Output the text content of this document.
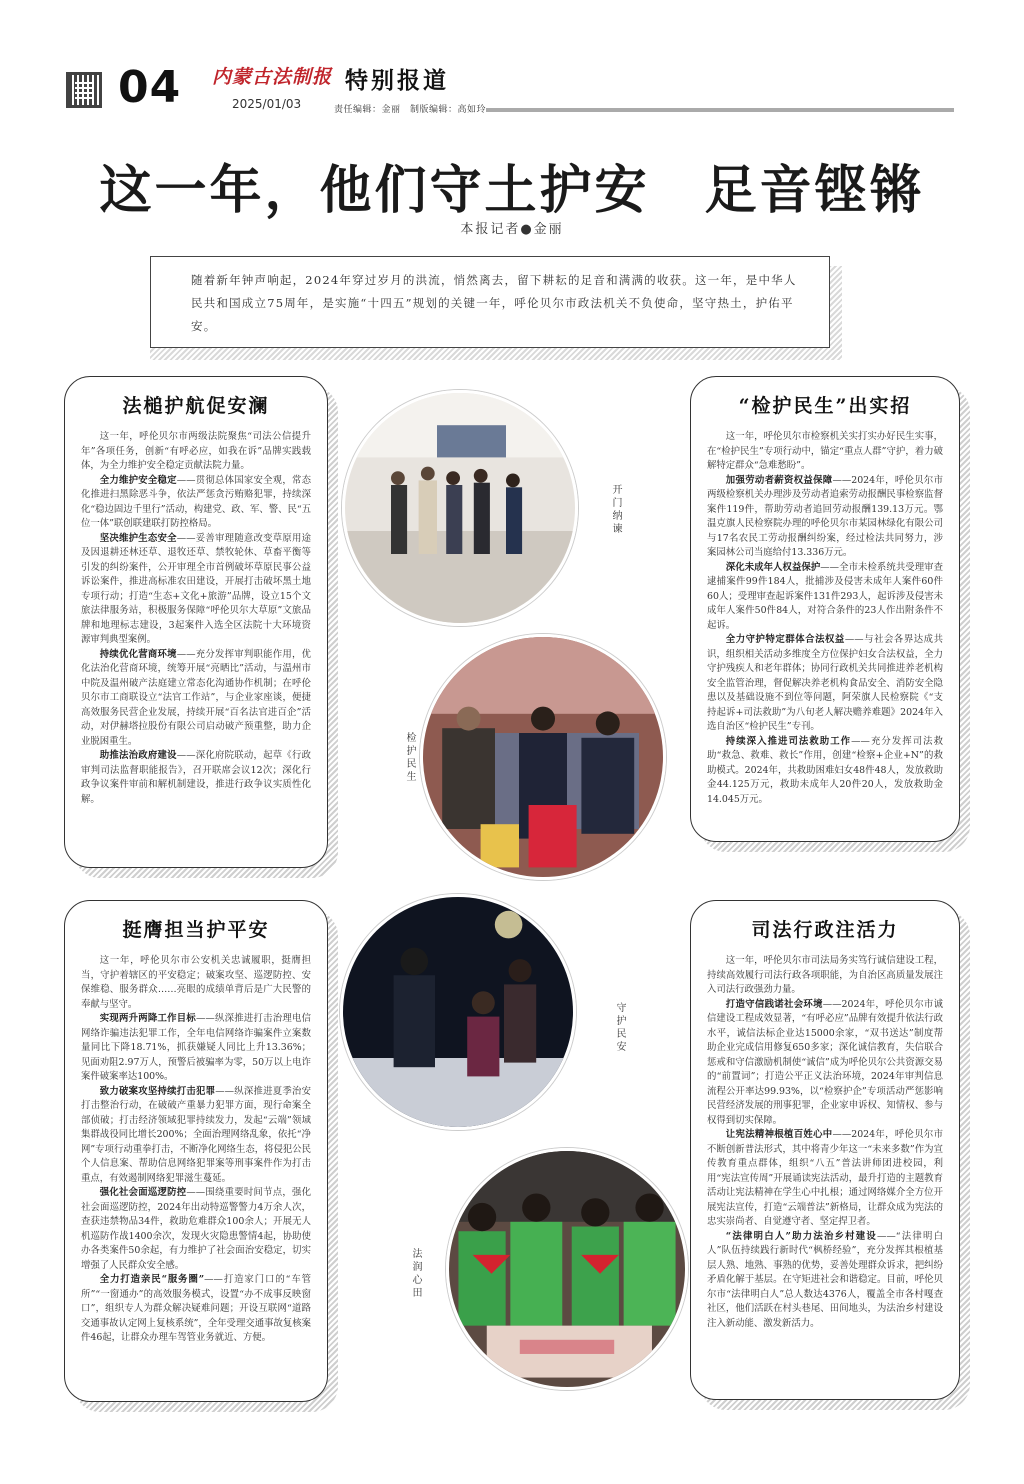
04 内蒙古法制报
2025/01/03
特别报道
责任编辑：金丽　制版编辑：高如玲
这一年，他们守土护安　足音铿锵
本报记者●金丽
随着新年钟声响起，2024年穿过岁月的洪流，悄然离去，留下耕耘的足音和满满的收获。这一年，是中华人民共和国成立75周年，是实施“十四五”规划的关键一年，呼伦贝尔市政法机关不负使命，坚守热土，护佑平安。
法槌护航促安澜

这一年，呼伦贝尔市两级法院聚焦“司法公信提升年”各项任务，创新“有呼必应，如我在诉”品牌实践载体，为全力维护安全稳定贡献法院力量。

全力维护安全稳定——贯彻总体国家安全观，常态化推进扫黑除恶斗争，依法严惩贪污贿赂犯罪，持续深化“稳边固边千里行”活动，构建党、政、军、警、民“五位一体”联创联建联打防控格局。

坚决维护生态安全——妥善审理随意改变草原用途及因退耕还林还草、退牧还草、禁牧轮休、草畜平衡等引发的纠纷案件，公开审理全市首例破坏草原民事公益诉讼案件，推进高标准农田建设，开展打击破坏黑土地专项行动；打造“生态+文化+旅游”品牌，设立15个文旅法律服务站，积极服务保障“呼伦贝尔大草原”文旅品牌和地理标志建设，3起案件入选全区法院十大环境资源审判典型案例。

持续优化营商环境——充分发挥审判职能作用，优化法治化营商环境，统筹开展“亮晒比”活动，与温州市中院及温州破产法庭建立常态化沟通协作机制；在呼伦贝尔市工商联设立“法官工作站”，与企业家座谈，便捷高效服务民营企业发展，持续开展“百名法官进百企”活动，对伊赫塔拉股份有限公司启动破产预重整，助力企业脱困重生。

助推法治政府建设——深化府院联动，起草《行政审判司法监督职能报告》，召开联席会议12次；深化行政争议案件审前和解机制建设，推进行政争议实质性化解。

“检护民生”出实招

这一年，呼伦贝尔市检察机关实打实办好民生实事，在“检护民生”专项行动中，锚定“重点人群”守护，着力破解特定群众“急难愁盼”。

加强劳动者薪资权益保障——2024年，呼伦贝尔市两级检察机关办理涉及劳动者追索劳动报酬民事检察监督案件119件，帮助劳动者追回劳动报酬139.13万元。鄂温克旗人民检察院办理的呼伦贝尔市某园林绿化有限公司与17名农民工劳动报酬纠纷案，经过检法共同努力，涉案园林公司当庭给付13.336万元。

深化未成年人权益保护——全市未检系统共受理审查逮捕案件99件184人，批捕涉及侵害未成年人案件60件60人；受理审查起诉案件131件293人，起诉涉及侵害未成年人案件50件84人，对符合条件的23人作出附条件不起诉。

全力守护特定群体合法权益——与社会各界达成共识，组织相关活动多维度全方位保护妇女合法权益，全力守护残疾人和老年群体；协同行政机关共同推进养老机构安全监管治理，督促解决养老机构食品安全、消防安全隐患以及基础设施不到位等问题，阿荣旗人民检察院《“支持起诉+司法救助”为八旬老人解决赡养难题》2024年入选自治区“检护民生”专刊。

持续深入推进司法救助工作——充分发挥司法救助“救急、救难、救长”作用，创建“检察+企业+N”的救助模式。2024年，共救助困难妇女48件48人，发放救助金44.125万元，救助未成年人20件20人，发放救助金14.045万元。

挺膺担当护平安

这一年，呼伦贝尔市公安机关忠诚履职，挺膺担当，守护着辖区的平安稳定；破案攻坚、巡逻防控、安保维稳、服务群众……亮眼的成绩单背后是广大民警的奉献与坚守。

实现两升两降工作目标——纵深推进打击治理电信网络诈骗违法犯罪工作，全年电信网络诈骗案件立案数量同比下降18.71%，抓获嫌疑人同比上升13.36%；见面劝阻2.97万人，预警后被骗率为零，50万以上电诈案件破案率达100%。

致力破案攻坚持续打击犯罪——纵深推进夏季治安打击整治行动，在破破产重暴力犯罪方面，现行命案全部侦破；打击经济领域犯罪持续发力，发起“云端”领域集群战役同比增长200%；全面治理网络乱象，依托“净网”专项行动重拳打击，不断净化网络生态，将侵犯公民个人信息案、帮助信息网络犯罪案等刑事案件作为打击重点，有效遏制网络犯罪滋生蔓延。

强化社会面巡逻防控——围绕重要时间节点，强化社会面巡逻防控，2024年出动特巡警警力4万余人次，查获违禁物品34件，救助危难群众100余人；开展无人机巡防作战1400余次，发现火灾隐患警情4起，协助使办各类案件50余起，有力维护了社会面治安稳定，切实增强了人民群众安全感。

全力打造亲民“服务圈”——打造家门口的“车管所”“一窗通办”的高效服务模式，设置“办不成事反映窗口”，组织专人为群众解决疑难问题；开设互联网“道路交通事故认定网上复核系统”，全年受理交通事故复核案件46起，让群众办理车驾管业务就近、方便。

司法行政注活力

这一年，呼伦贝尔市司法局务实笃行诚信建设工程，持续高效履行司法行政各项职能，为自治区高质量发展注入司法行政强劲力量。

打造守信践诺社会环境——2024年，呼伦贝尔市诚信建设工程成效显著，“有呼必应”品牌有效提升依法行政水平，诚信法标企业达15000余家，“双书送达”制度帮助企业完成信用修复650多家；深化诚信教育，失信联合惩戒和守信激励机制使“诚信”成为呼伦贝尔公共资源交易的“前置词”；打造公平正义法治环境，2024年审判信息流程公开率达99.93%，以“检察护企”专项活动严惩影响民营经济发展的刑事犯罪，企业家申诉权、知情权、参与权得到切实保障。

让宪法精神根植百姓心中——2024年，呼伦贝尔市不断创新普法形式，其中将青少年这一“未来多数”作为宣传教育重点群体，组织“八五”普法讲师团进校园，利用“宪法宣传周”开展诵读宪法活动，最升打造的主题教育活动让宪法精神在学生心中扎根；通过网络媒介全方位开展宪法宣传，打造“云端普法”新格局，让群众成为宪法的忠实崇尚者、自觉遵守者、坚定捍卫者。

“法律明白人”助力法治乡村建设——“法律明白人”队伍持续践行新时代“枫桥经验”，充分发挥其根植基层人熟、地熟、事熟的优势，妥善处理群众诉求，把纠纷矛盾化解于基层。在守矩进社会和谐稳定。目前，呼伦贝尔市“法律明白人”总人数达4376人，覆盖全市各村嘎查社区，他们活跃在村头巷尾、田间地头，为法治乡村建设注入新动能、激发新活力。

开门纳谏
检护民生
守护民安
法润心田
